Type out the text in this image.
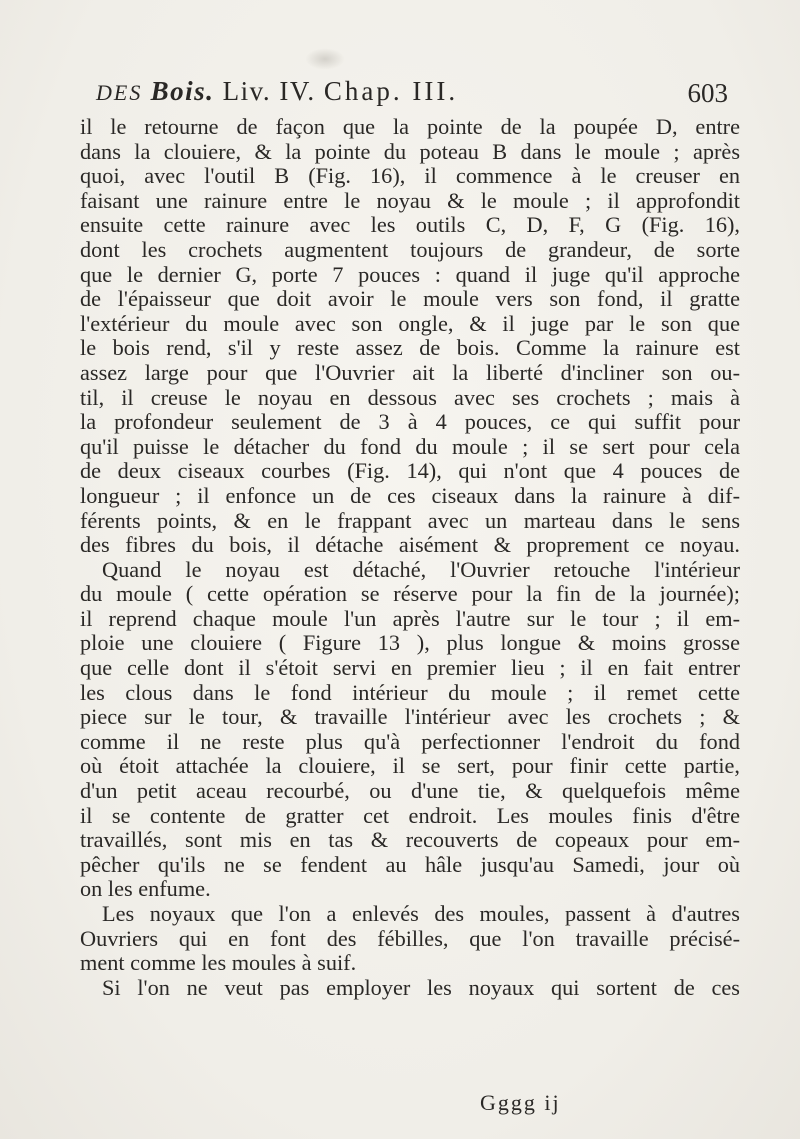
DES Bois. Liv. IV. Chap. III.	603
il le retourne de façon que la pointe de la poupée D, entre
dans la clouiere, & la pointe du poteau B dans le moule ; après
quoi, avec l'outil B (Fig. 16), il commence à le creuser en
faisant une rainure entre le noyau & le moule ; il approfondit
ensuite cette rainure avec les outils C, D, F, G (Fig. 16),
dont les crochets augmentent toujours de grandeur, de sorte
que le dernier G, porte 7 pouces : quand il juge qu'il approche
de l'épaisseur que doit avoir le moule vers son fond, il gratte
l'extérieur du moule avec son ongle, & il juge par le son que
le bois rend, s'il y reste assez de bois. Comme la rainure est
assez large pour que l'Ouvrier ait la liberté d'incliner son ou-
til, il creuse le noyau en dessous avec ses crochets ; mais à
la profondeur seulement de 3 à 4 pouces, ce qui suffit pour
qu'il puisse le détacher du fond du moule ; il se sert pour cela
de deux ciseaux courbes (Fig. 14), qui n'ont que 4 pouces de
longueur ; il enfonce un de ces ciseaux dans la rainure à dif-
férents points, & en le frappant avec un marteau dans le sens
des fibres du bois, il détache aisément & proprement ce noyau.
Quand le noyau est détaché, l'Ouvrier retouche l'intérieur
du moule ( cette opération se réserve pour la fin de la journée);
il reprend chaque moule l'un après l'autre sur le tour ; il em-
ploie une clouiere ( Figure 13 ), plus longue & moins grosse
que celle dont il s'étoit servi en premier lieu ; il en fait entrer
les clous dans le fond intérieur du moule ; il remet cette
piece sur le tour, & travaille l'intérieur avec les crochets ; &
comme il ne reste plus qu'à perfectionner l'endroit du fond
où étoit attachée la clouiere, il se sert, pour finir cette partie,
d'un petit aceau recourbé, ou d'une tie, & quelquefois même
il se contente de gratter cet endroit. Les moules finis d'être
travaillés, sont mis en tas & recouverts de copeaux pour em-
pêcher qu'ils ne se fendent au hâle jusqu'au Samedi, jour où
on les enfume.
Les noyaux que l'on a enlevés des moules, passent à d'autres
Ouvriers qui en font des fébilles, que l'on travaille précisé-
ment comme les moules à suif.
Si l'on ne veut pas employer les noyaux qui sortent de ces
Gggg ij
